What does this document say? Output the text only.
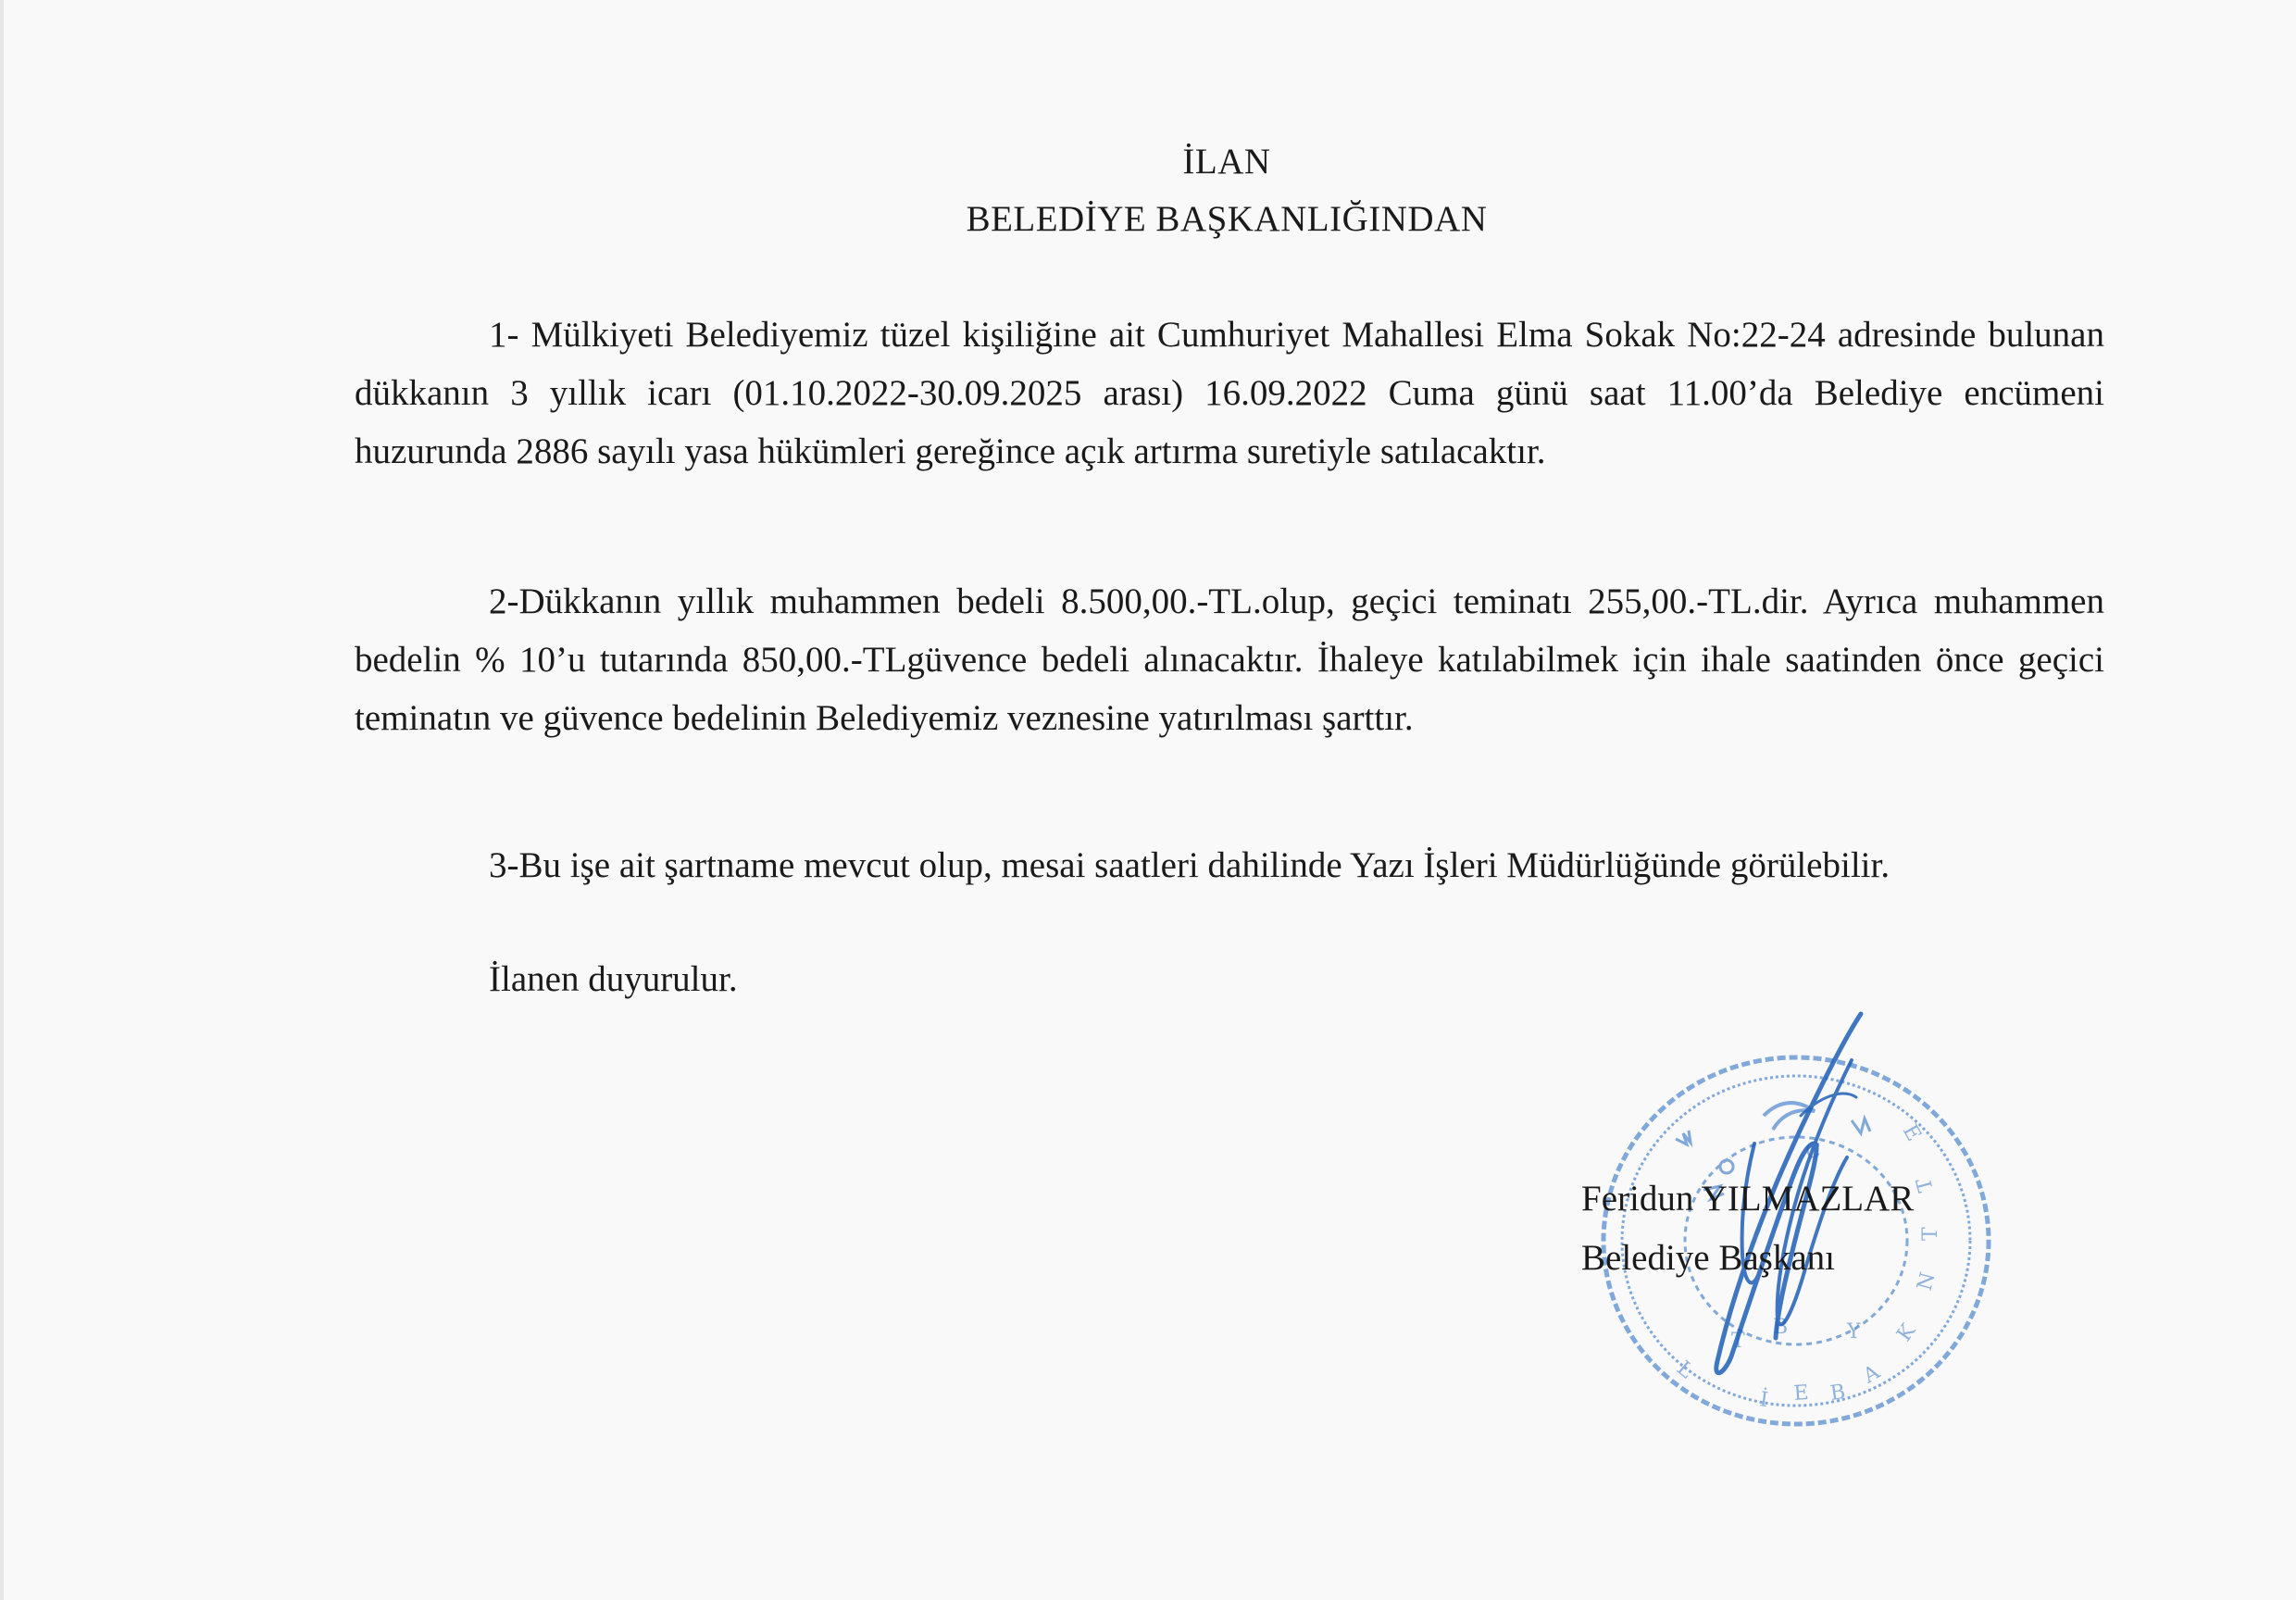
İLAN
BELEDİYE BAŞKANLIĞINDAN

1- Mülkiyeti Belediyemiz tüzel kişiliğine ait Cumhuriyet Mahallesi Elma Sokak No:22-24 adresinde bulunan dükkanın 3 yıllık icarı (01.10.2022-30.09.2025 arası) 16.09.2022 Cuma günü saat 11.00’da Belediye encümeni huzurunda 2886 sayılı yasa hükümleri gereğince açık artırma suretiyle satılacaktır.

2-Dükkanın yıllık muhammen bedeli 8.500,00.-TL.olup, geçici teminatı 255,00.-TL.dir. Ayrıca muhammen bedelin % 10’u tutarında 850,00.-TLgüvence bedeli alınacaktır. İhaleye katılabilmek için ihale saatinden önce geçici teminatın ve güvence bedelinin Belediyemiz veznesine yatırılması şarttır.

3-Bu işe ait şartname mevcut olup, mesai saatleri dahilinde Yazı İşleri Müdürlüğünde görülebilir.

İlanen duyurulur.
E B
A
K
N
T
T
E
İ
L
T
B	Y
C
Feridun YILMAZLAR
Belediye Başkanı
